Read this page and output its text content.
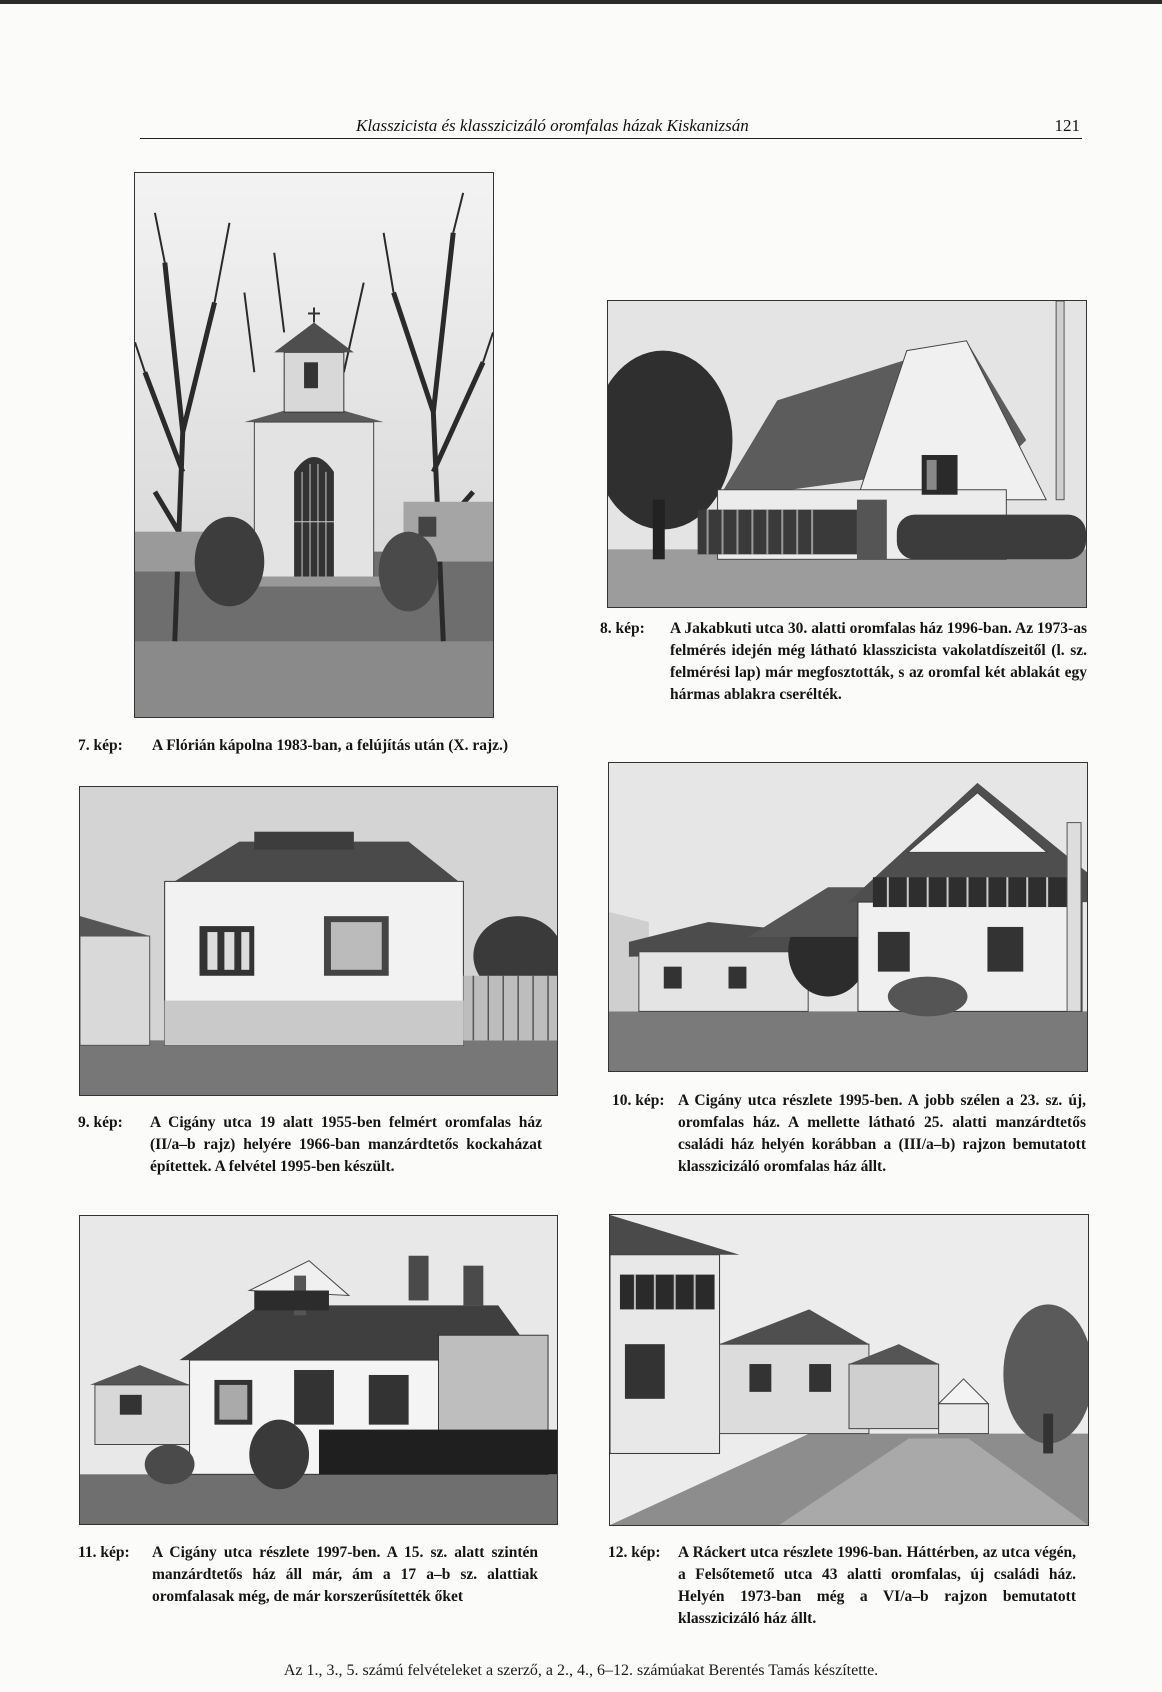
Klasszicista és klasszicizáló oromfalas házak Kiskanizsán	121
7. kép: A Flórián kápolna 1983-ban, a felújítás után (X. rajz.)
8. kép: A Jakabkuti utca 30. alatti oromfalas ház 1996-ban. Az 1973-as felmérés idején még látható klasszicista vakolatdíszeitől (l. sz. felmérési lap) már megfosztották, s az oromfal két ablakát egy hármas ablakra cserélték.
9. kép: A Cigány utca 19 alatt 1955-ben felmért oromfalas ház (II/a–b rajz) helyére 1966-ban manzárdtetős kockaházat építettek. A felvétel 1995-ben készült.
10. kép: A Cigány utca részlete 1995-ben. A jobb szélen a 23. sz. új, oromfalas ház. A mellette látható 25. alatti manzárdtetős családi ház helyén korábban a (III/a–b) rajzon bemutatott klasszicizáló oromfalas ház állt.
11. kép: A Cigány utca részlete 1997-ben. A 15. sz. alatt szintén manzárdtetős ház áll már, ám a 17 a–b sz. alattiak oromfalasak még, de már korszerűsítették őket
12. kép: A Ráckert utca részlete 1996-ban. Háttérben, az utca végén, a Felsőtemető utca 43 alatti oromfalas, új családi ház. Helyén 1973-ban még a VI/a–b rajzon bemutatott klasszicizáló ház állt.
Az 1., 3., 5. számú felvételeket a szerző, a 2., 4., 6–12. számúakat Berentés Tamás készítette.
